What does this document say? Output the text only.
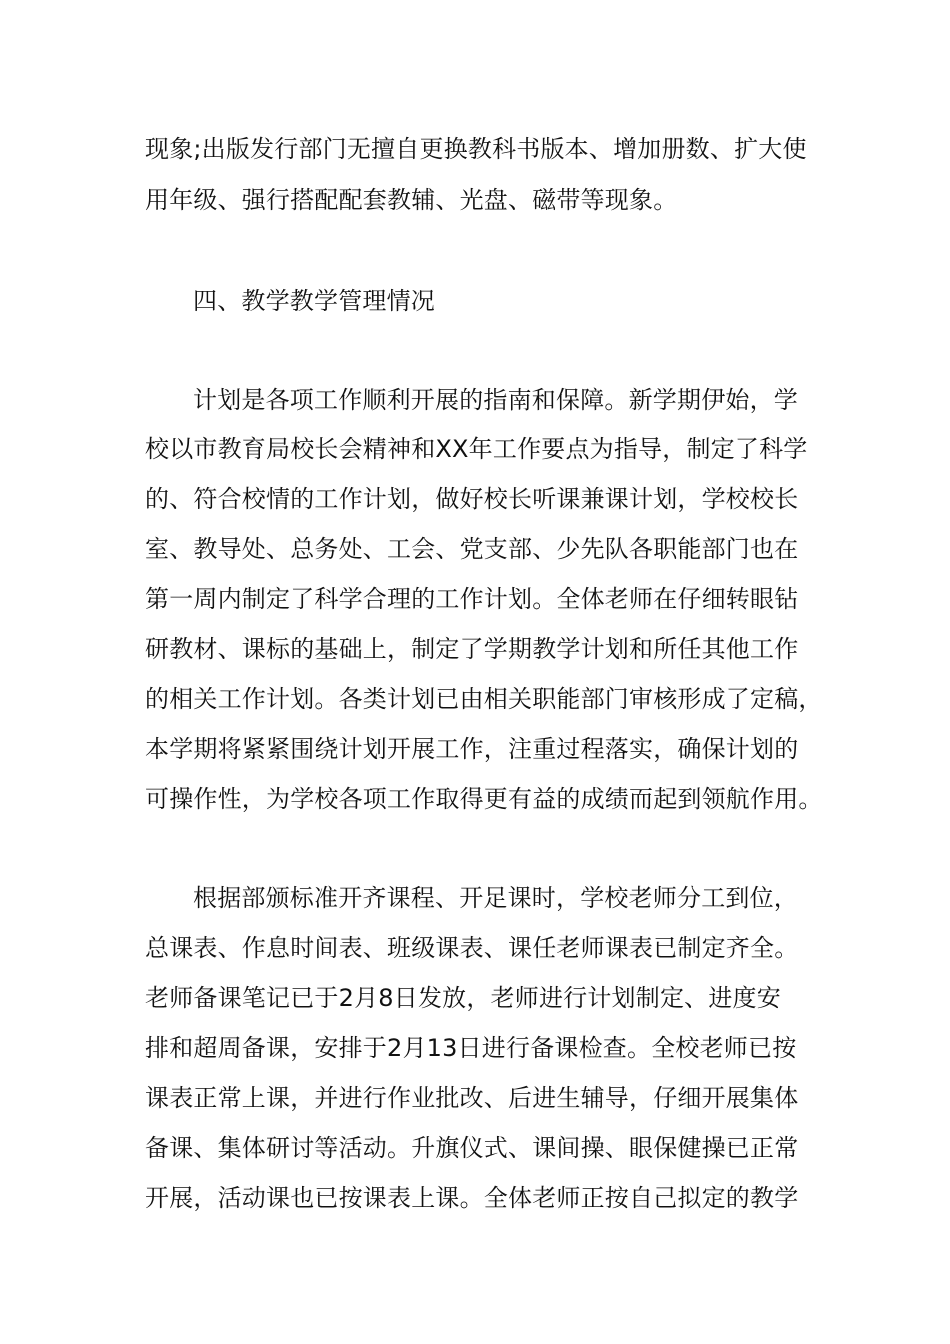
现象;出版发行部门无擅自更换教科书版本、增加册数、扩大使
用年级、强行搭配配套教辅、光盘、磁带等现象。
四、教学教学管理情况
计划是各项工作顺利开展的指南和保障。新学期伊始，学
校以市教育局校长会精神和XX年工作要点为指导，制定了科学
的、符合校情的工作计划，做好校长听课兼课计划，学校校长
室、教导处、总务处、工会、党支部、少先队各职能部门也在
第一周内制定了科学合理的工作计划。全体老师在仔细转眼钻
研教材、课标的基础上，制定了学期教学计划和所任其他工作
的相关工作计划。各类计划已由相关职能部门审核形成了定稿，
本学期将紧紧围绕计划开展工作，注重过程落实，确保计划的
可操作性，为学校各项工作取得更有益的成绩而起到领航作用。
根据部颁标准开齐课程、开足课时，学校老师分工到位，
总课表、作息时间表、班级课表、课任老师课表已制定齐全。
老师备课笔记已于2月8日发放，老师进行计划制定、进度安
排和超周备课，安排于2月13日进行备课检查。全校老师已按
课表正常上课，并进行作业批改、后进生辅导，仔细开展集体
备课、集体研讨等活动。升旗仪式、课间操、眼保健操已正常
开展，活动课也已按课表上课。全体老师正按自己拟定的教学
